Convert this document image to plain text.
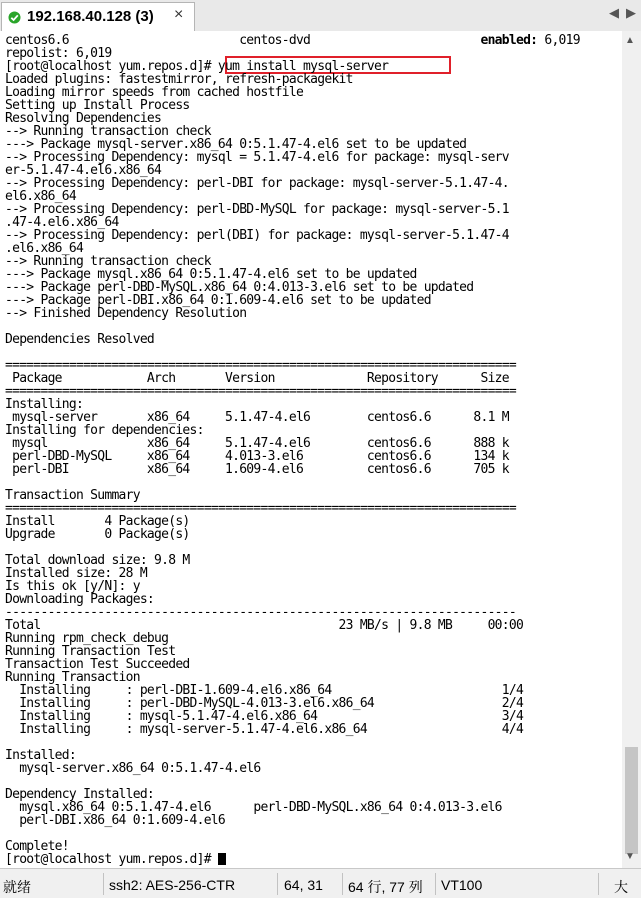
192.168.40.128 (3) ×	◀ ▶
centos6.6                        centos-dvd                        enabled: 6,019
repolist: 6,019
[root@localhost yum.repos.d]# yum install mysql-server
Loaded plugins: fastestmirror, refresh-packagekit
Loading mirror speeds from cached hostfile
Setting up Install Process
Resolving Dependencies
--> Running transaction check
---> Package mysql-server.x86_64 0:5.1.47-4.el6 set to be updated
--> Processing Dependency: mysql = 5.1.47-4.el6 for package: mysql-serv
er-5.1.47-4.el6.x86_64
--> Processing Dependency: perl-DBI for package: mysql-server-5.1.47-4.
el6.x86_64
--> Processing Dependency: perl-DBD-MySQL for package: mysql-server-5.1
.47-4.el6.x86_64
--> Processing Dependency: perl(DBI) for package: mysql-server-5.1.47-4
.el6.x86_64
--> Running transaction check
---> Package mysql.x86_64 0:5.1.47-4.el6 set to be updated
---> Package perl-DBD-MySQL.x86_64 0:4.013-3.el6 set to be updated
---> Package perl-DBI.x86_64 0:1.609-4.el6 set to be updated
--> Finished Dependency Resolution
Dependencies Resolved
========================================================================
Package            Arch       Version             Repository      Size
========================================================================
Installing:
mysql-server       x86_64     5.1.47-4.el6        centos6.6      8.1 M
Installing for dependencies:
mysql              x86_64     5.1.47-4.el6        centos6.6      888 k
perl-DBD-MySQL     x86_64     4.013-3.el6         centos6.6      134 k
perl-DBI           x86_64     1.609-4.el6         centos6.6      705 k
Transaction Summary
========================================================================
Install       4 Package(s)
Upgrade       0 Package(s)
Total download size: 9.8 M
Installed size: 28 M
Is this ok [y/N]: y
Downloading Packages:
------------------------------------------------------------------------
Total                                          23 MB/s | 9.8 MB     00:00
Running rpm_check_debug
Running Transaction Test
Transaction Test Succeeded
Running Transaction
Installing     : perl-DBI-1.609-4.el6.x86_64                        1/4
Installing     : perl-DBD-MySQL-4.013-3.el6.x86_64                  2/4
Installing     : mysql-5.1.47-4.el6.x86_64                          3/4
Installing     : mysql-server-5.1.47-4.el6.x86_64                   4/4
Installed:
mysql-server.x86_64 0:5.1.47-4.el6
Dependency Installed:
mysql.x86_64 0:5.1.47-4.el6      perl-DBD-MySQL.x86_64 0:4.013-3.el6
perl-DBI.x86_64 0:1.609-4.el6
Complete!
[root@localhost yum.repos.d]#
▲
▼
就绪	ssh2: AES-256-CTR	64, 31 64 行, 77 列 VT100	大
